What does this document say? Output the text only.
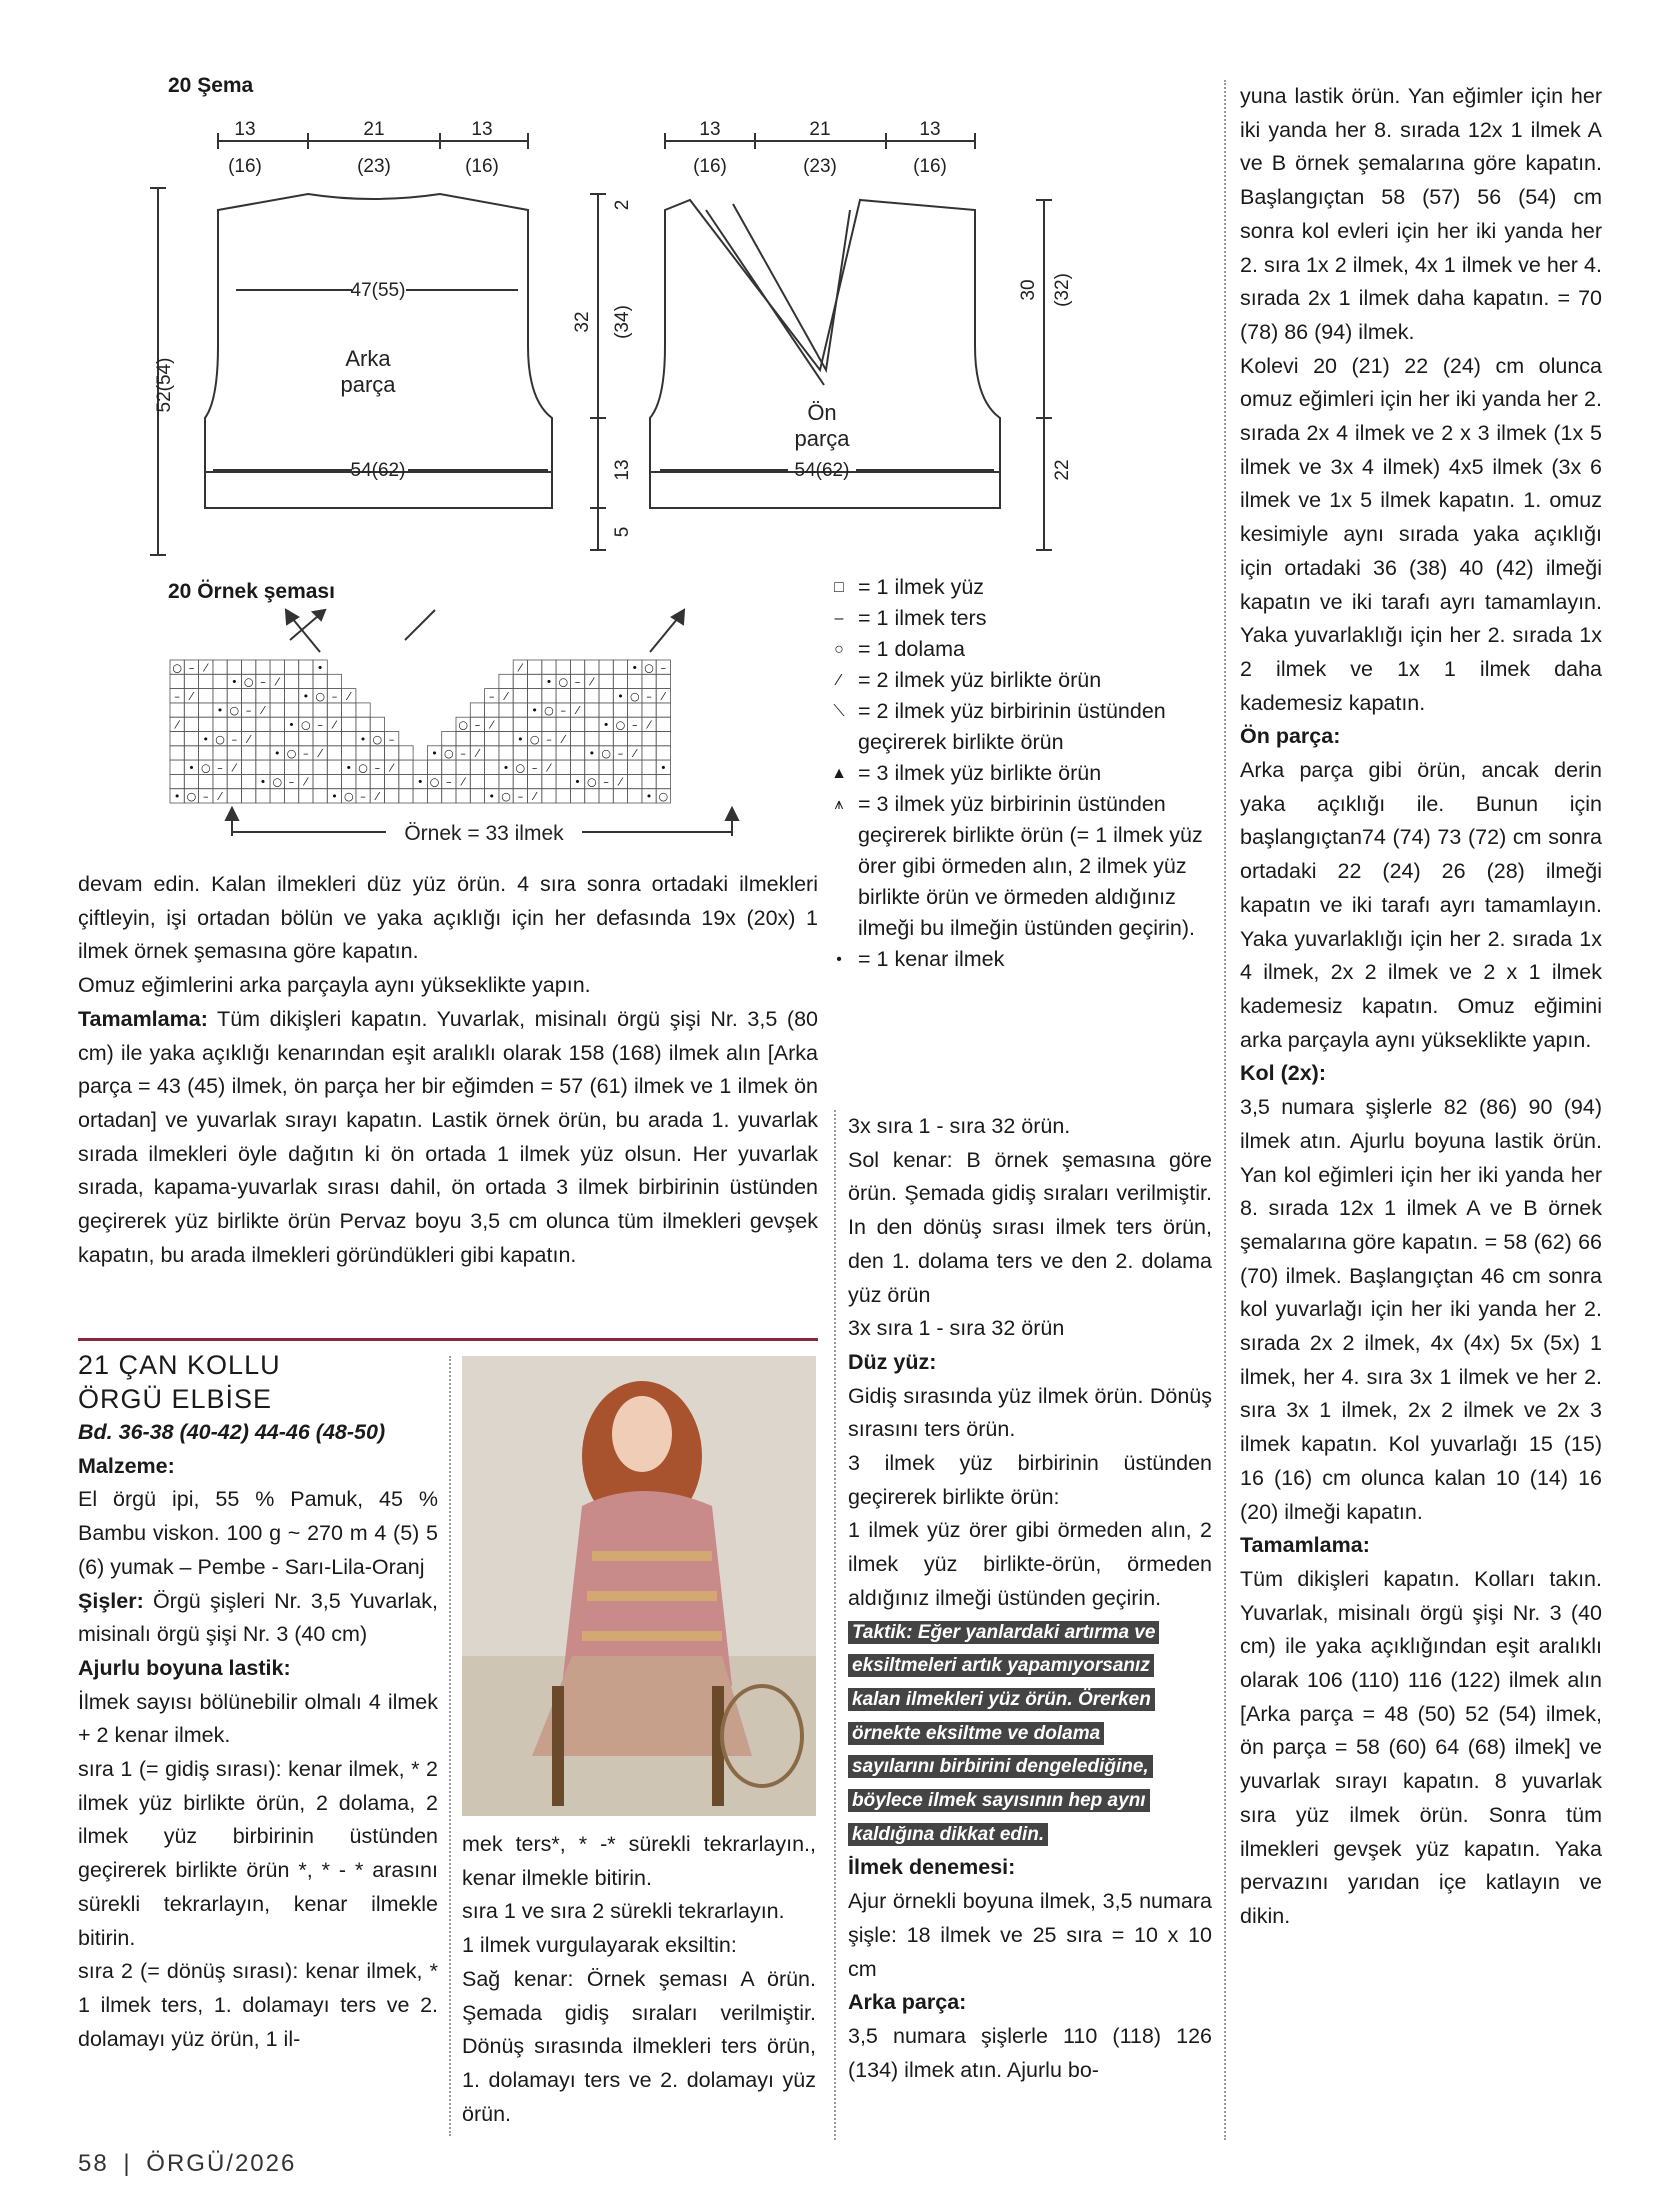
20 Şema
13	21	13
(16)	(23)	(16)
47(55)
54(62)
Arka
parça
52(54)
32 (34)
2
13
5
13	21	13
(16)	(23)	(16)
Ön
parça
54(62)
30 (32)
22
20 Örnek şeması
○ – ⁄	•	⁄	• ○ –
• ○ – ⁄	• ○ – ⁄
– ⁄	• ○ – ⁄	– ⁄	• ○ – ⁄
• ○ – ⁄	• ○ – ⁄
⁄	• ○ – ⁄	○ – ⁄	• ○ – ⁄
• ○ – ⁄	• ○ –	• ○ – ⁄
• ○ – ⁄	• ○ – ⁄	• ○ – ⁄
• ○ – ⁄	• ○ – ⁄	• ○ – ⁄	•
• ○ – ⁄	• ○ – ⁄	• ○ – ⁄
• ○ – ⁄	• ○ – ⁄	• ○ – ⁄	• ○
Örnek = 33 ilmek
□ = 1 ilmek yüz
– = 1 ilmek ters
○ = 1 dolama
⁄ = 2 ilmek yüz birlikte örün
⟍ = 2 ilmek yüz birbirinin üstünden geçirerek birlikte örün
▲ = 3 ilmek yüz birlikte örün
⩚ = 3 ilmek yüz birbirinin üstünden geçirerek birlikte örün (= 1 ilmek yüz örer gibi örmeden alın, 2 ilmek yüz birlikte örün ve örmeden aldığınız ilmeği bu ilmeğin üstünden geçirin).
• = 1 kenar ilmek

devam edin. Kalan ilmekleri düz yüz örün. 4 sıra sonra ortadaki ilmekleri çiftleyin, işi ortadan bölün ve yaka açıklığı için her defasında 19x (20x) 1 ilmek örnek şemasına göre kapatın.

Omuz eğimlerini arka parçayla aynı yükseklikte yapın.

Tamamlama: Tüm dikişleri kapatın. Yuvarlak, misinalı örgü şişi Nr. 3,5 (80 cm) ile yaka açıklığı kenarından eşit aralıklı olarak 158 (168) ilmek alın [Arka parça = 43 (45) ilmek, ön parça her bir eğimden = 57 (61) ilmek ve 1 ilmek ön ortadan] ve yuvarlak sırayı kapatın. Lastik örnek örün, bu arada 1. yuvarlak sırada ilmekleri öyle dağıtın ki ön ortada 1 ilmek yüz olsun. Her yuvarlak sırada, kapama-yuvarlak sırası dahil, ön ortada 3 ilmek birbirinin üstünden geçirerek yüz birlikte örün Pervaz boyu 3,5 cm olunca tüm ilmekleri gevşek kapatın, bu arada ilmekleri göründükleri gibi kapatın.

21 ÇAN KOLLU
ÖRGÜ ELBİSE
Bd. 36-38 (40-42) 44-46 (48-50)
Malzeme:

El örgü ipi, 55 % Pamuk, 45 % Bambu viskon. 100 g ~ 270 m 4 (5) 5 (6) yumak – Pembe - Sarı-Lila-Oranj

Şişler: Örgü şişleri Nr. 3,5 Yuvarlak, misinalı örgü şişi Nr. 3 (40 cm)

Ajurlu boyuna lastik:

İlmek sayısı bölünebilir olmalı 4 ilmek + 2 kenar ilmek.

sıra 1 (= gidiş sırası): kenar ilmek, * 2 ilmek yüz birlikte örün, 2 dolama, 2 ilmek yüz birbirinin üstünden geçirerek birlikte örün *, * - * arasını sürekli tekrarlayın, kenar ilmekle bitirin.

sıra 2 (= dönüş sırası): kenar ilmek, * 1 ilmek ters, 1. dolamayı ters ve 2. dolamayı yüz örün, 1 il-

mek ters*, * -* sürekli tekrarlayın., kenar ilmekle bitirin.

sıra 1 ve sıra 2 sürekli tekrarlayın.

1 ilmek vurgulayarak eksiltin:

Sağ kenar: Örnek şeması A örün. Şemada gidiş sıraları verilmiştir. Dönüş sırasında ilmekleri ters örün, 1. dolamayı ters ve 2. dolamayı yüz örün.

3x sıra 1 - sıra 32 örün.

Sol kenar: B örnek şemasına göre örün. Şemada gidiş sıraları verilmiştir. In den dönüş sırası ilmek ters örün, den 1. dolama ters ve den 2. dolama yüz örün

3x sıra 1 - sıra 32 örün

Düz yüz:

Gidiş sırasında yüz ilmek örün. Dönüş sırasını ters örün.

3 ilmek yüz birbirinin üstünden geçirerek birlikte örün:

1 ilmek yüz örer gibi örmeden alın, 2 ilmek yüz birlikte-örün, örmeden aldığınız ilmeği üstünden geçirin.

Taktik: Eğer yanlardaki artırma ve
eksiltmeleri artık yapamıyorsanız
kalan ilmekleri yüz örün. Örerken
örnekte eksiltme ve dolama
sayılarını birbirini dengelediğine,
böylece ilmek sayısının hep aynı
kaldığına dikkat edin.
İlmek denemesi:

Ajur örnekli boyuna ilmek, 3,5 numara şişle: 18 ilmek ve 25 sıra = 10 x 10 cm

Arka parça:

3,5 numara şişlerle 110 (118) 126 (134) ilmek atın. Ajurlu bo-

yuna lastik örün. Yan eğimler için her iki yanda her 8. sırada 12x 1 ilmek A ve B örnek şemalarına göre kapatın. Başlangıçtan 58 (57) 56 (54) cm sonra kol evleri için her iki yanda her 2. sıra 1x 2 ilmek, 4x 1 ilmek ve her 4. sırada 2x 1 ilmek daha kapatın. = 70 (78) 86 (94) ilmek.

Kolevi 20 (21) 22 (24) cm olunca omuz eğimleri için her iki yanda her 2. sırada 2x 4 ilmek ve 2 x 3 ilmek (1x 5 ilmek ve 3x 4 ilmek) 4x5 ilmek (3x 6 ilmek ve 1x 5 ilmek kapatın. 1. omuz kesimiyle aynı sırada yaka açıklığı için ortadaki 36 (38) 40 (42) ilmeği kapatın ve iki tarafı ayrı tamamlayın. Yaka yuvarlaklığı için her 2. sırada 1x 2 ilmek ve 1x 1 ilmek daha kademesiz kapatın.

Ön parça:

Arka parça gibi örün, ancak derin yaka açıklığı ile. Bunun için başlangıçtan74 (74) 73 (72) cm sonra ortadaki 22 (24) 26 (28) ilmeği kapatın ve iki tarafı ayrı tamamlayın. Yaka yuvarlaklığı için her 2. sırada 1x 4 ilmek, 2x 2 ilmek ve 2 x 1 ilmek kademesiz kapatın. Omuz eğimini arka parçayla aynı yükseklikte yapın.

Kol (2x):

3,5 numara şişlerle 82 (86) 90 (94) ilmek atın. Ajurlu boyuna lastik örün. Yan kol eğimleri için her iki yanda her 8. sırada 12x 1 ilmek A ve B örnek şemalarına göre kapatın. = 58 (62) 66 (70) ilmek. Başlangıçtan 46 cm sonra kol yuvarlağı için her iki yanda her 2. sırada 2x 2 ilmek, 4x (4x) 5x (5x) 1 ilmek, her 4. sıra 3x 1 ilmek ve her 2. sıra 3x 1 ilmek, 2x 2 ilmek ve 2x 3 ilmek kapatın. Kol yuvarlağı 15 (15) 16 (16) cm olunca kalan 10 (14) 16 (20) ilmeği kapatın.

Tamamlama:

Tüm dikişleri kapatın. Kolları takın. Yuvarlak, misinalı örgü şişi Nr. 3 (40 cm) ile yaka açıklığından eşit aralıklı olarak 106 (110) 116 (122) ilmek alın [Arka parça = 48 (50) 52 (54) ilmek, ön parça = 58 (60) 64 (68) ilmek] ve yuvarlak sırayı kapatın. 8 yuvarlak sıra yüz ilmek örün. Sonra tüm ilmekleri gevşek yüz kapatın. Yaka pervazını yarıdan içe katlayın ve dikin.

58 | ÖRGÜ/2026
